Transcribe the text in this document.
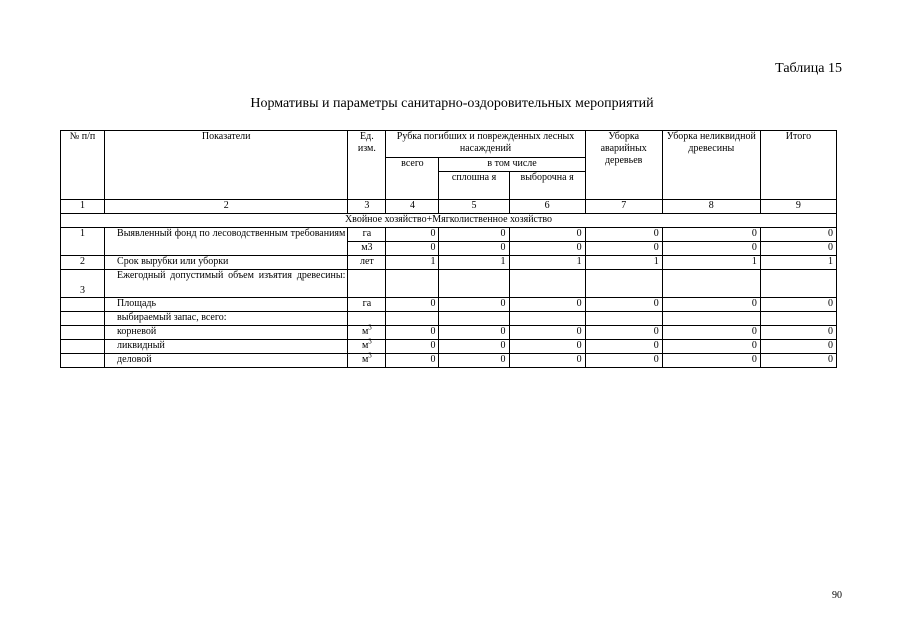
Таблица 15
Нормативы и параметры санитарно-оздоровительных мероприятий
№ п/п	Показатели	Ед. изм.	Рубка погибших и поврежденных лесных насаждений			Уборка аварийных деревьев	Уборка неликвидной древесины	Итого
			всего	в том числе				
				сплошна я	выборочна я			
1	2	3	4	5	6	7	8	9
Хвойное хозяйство+Мягколиственное хозяйство								
1	Выявленный фонд по лесоводственным требованиям	га	0	0	0	0	0	0
		м3	0	0	0	0	0	0
2	Срок вырубки или уборки	лет	1	1	1	1	1	1
3	Ежегодный допустимый объем изъятия древесины:							
	Площадь	га	0	0	0	0	0	0
	выбираемый запас, всего:							
	корневой	$м^3$	0	0	0	0	0	0
	ликвидный	$м^3$	0	0	0	0	0	0
	деловой	$м^3$	0	0	0	0	0	0
90
